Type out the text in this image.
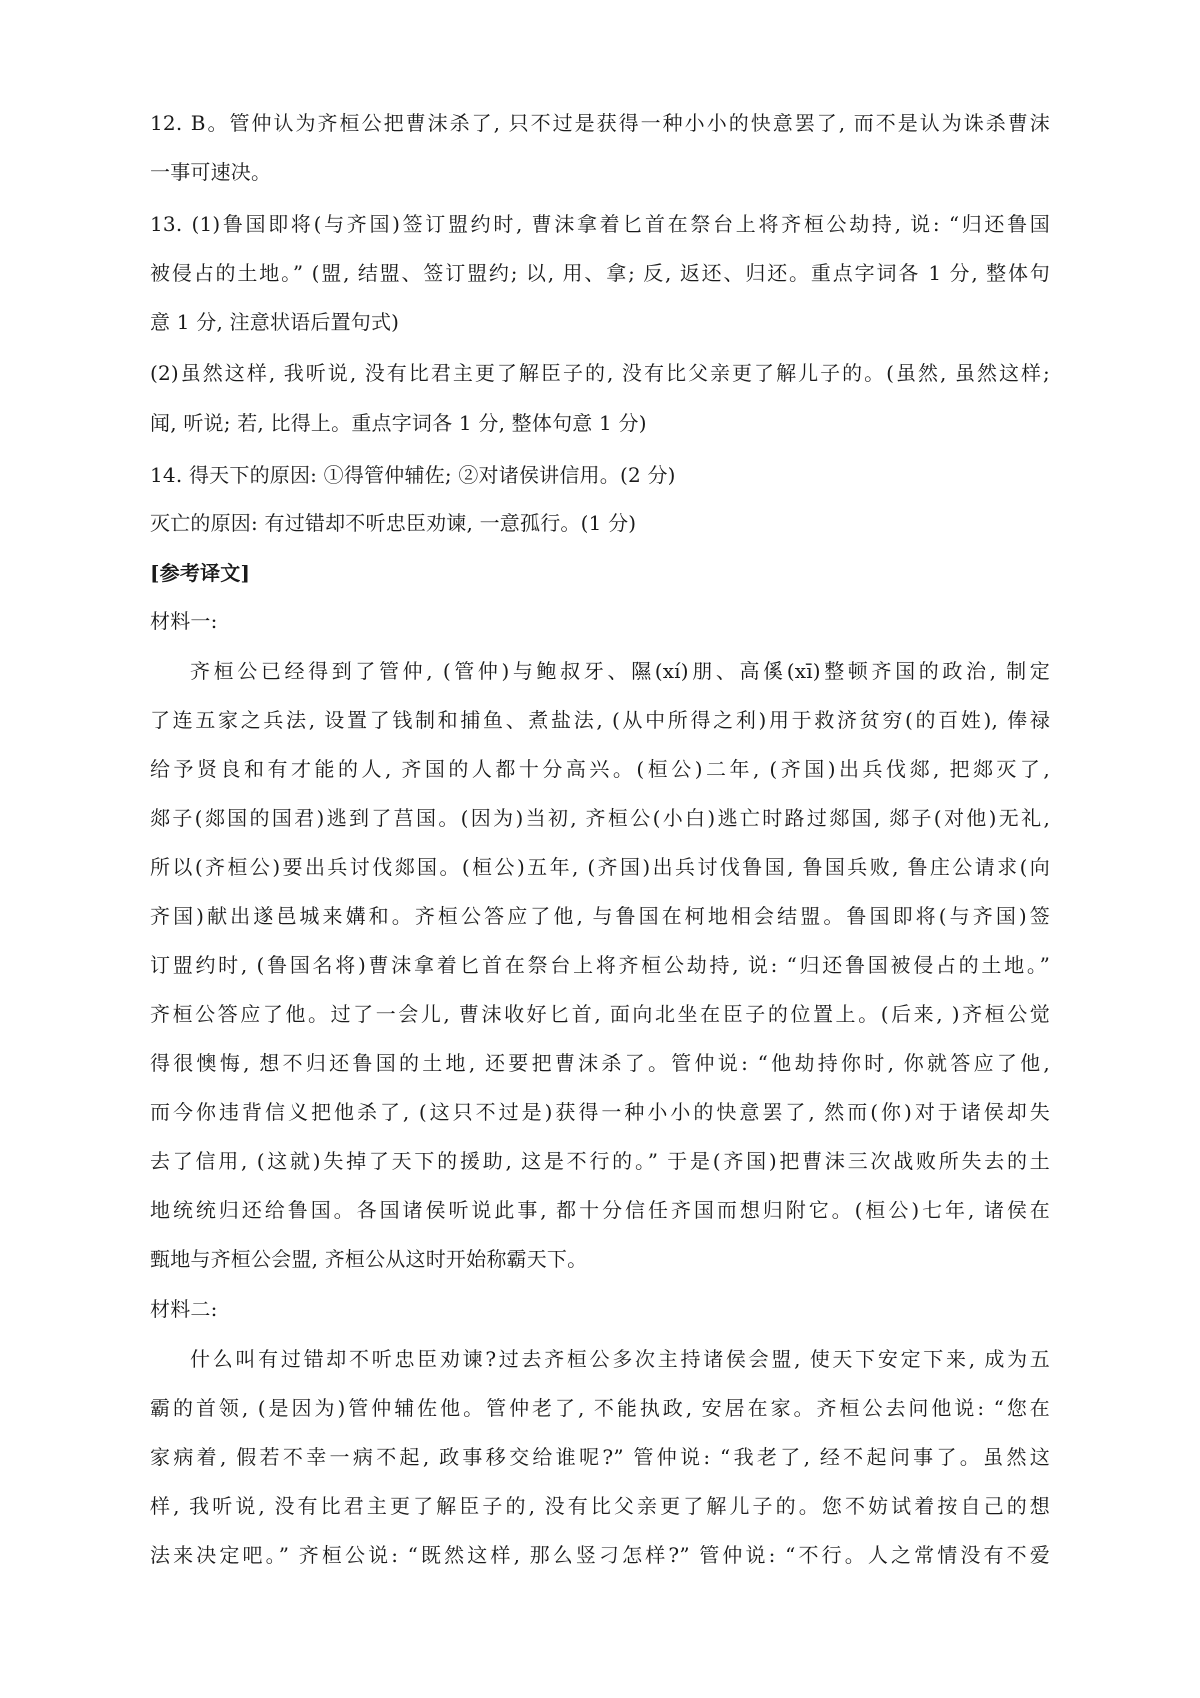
12. B。管仲认为齐桓公把曹沫杀了, 只不过是获得一种小小的快意罢了, 而不是认为诛杀曹沫
一事可速决。
13. (1)鲁国即将(与齐国)签订盟约时, 曹沫拿着匕首在祭台上将齐桓公劫持, 说: “归还鲁国
被侵占的土地。” (盟, 结盟、签订盟约; 以, 用、拿; 反, 返还、归还。重点字词各 1 分, 整体句
意 1 分, 注意状语后置句式)
(2)虽然这样, 我听说, 没有比君主更了解臣子的, 没有比父亲更了解儿子的。(虽然, 虽然这样;
闻, 听说; 若, 比得上。重点字词各 1 分, 整体句意 1 分)
14. 得天下的原因: ①得管仲辅佐; ②对诸侯讲信用。(2 分)
灭亡的原因: 有过错却不听忠臣劝谏, 一意孤行。(1 分)
[参考译文]
材料一:
齐桓公已经得到了管仲, (管仲)与鲍叔牙、隰(xí)朋、高傒(xī)整顿齐国的政治, 制定
了连五家之兵法, 设置了钱制和捕鱼、煮盐法, (从中所得之利)用于救济贫穷(的百姓), 俸禄
给予贤良和有才能的人, 齐国的人都十分高兴。(桓公)二年, (齐国)出兵伐郯, 把郯灭了,
郯子(郯国的国君)逃到了莒国。(因为)当初, 齐桓公(小白)逃亡时路过郯国, 郯子(对他)无礼,
所以(齐桓公)要出兵讨伐郯国。(桓公)五年, (齐国)出兵讨伐鲁国, 鲁国兵败, 鲁庄公请求(向
齐国)献出遂邑城来媾和。齐桓公答应了他, 与鲁国在柯地相会结盟。鲁国即将(与齐国)签
订盟约时, (鲁国名将)曹沫拿着匕首在祭台上将齐桓公劫持, 说: “归还鲁国被侵占的土地。”
齐桓公答应了他。过了一会儿, 曹沫收好匕首, 面向北坐在臣子的位置上。(后来, )齐桓公觉
得很懊悔, 想不归还鲁国的土地, 还要把曹沫杀了。管仲说: “他劫持你时, 你就答应了他,
而今你违背信义把他杀了, (这只不过是)获得一种小小的快意罢了, 然而(你)对于诸侯却失
去了信用, (这就)失掉了天下的援助, 这是不行的。” 于是(齐国)把曹沫三次战败所失去的土
地统统归还给鲁国。各国诸侯听说此事, 都十分信任齐国而想归附它。(桓公)七年, 诸侯在
甄地与齐桓公会盟, 齐桓公从这时开始称霸天下。
材料二:
什么叫有过错却不听忠臣劝谏?过去齐桓公多次主持诸侯会盟, 使天下安定下来, 成为五
霸的首领, (是因为)管仲辅佐他。管仲老了, 不能执政, 安居在家。齐桓公去问他说: “您在
家病着, 假若不幸一病不起, 政事移交给谁呢?” 管仲说: “我老了, 经不起问事了。虽然这
样, 我听说, 没有比君主更了解臣子的, 没有比父亲更了解儿子的。您不妨试着按自己的想
法来决定吧。” 齐桓公说: “既然这样, 那么竖刁怎样?” 管仲说: “不行。人之常情没有不爱
